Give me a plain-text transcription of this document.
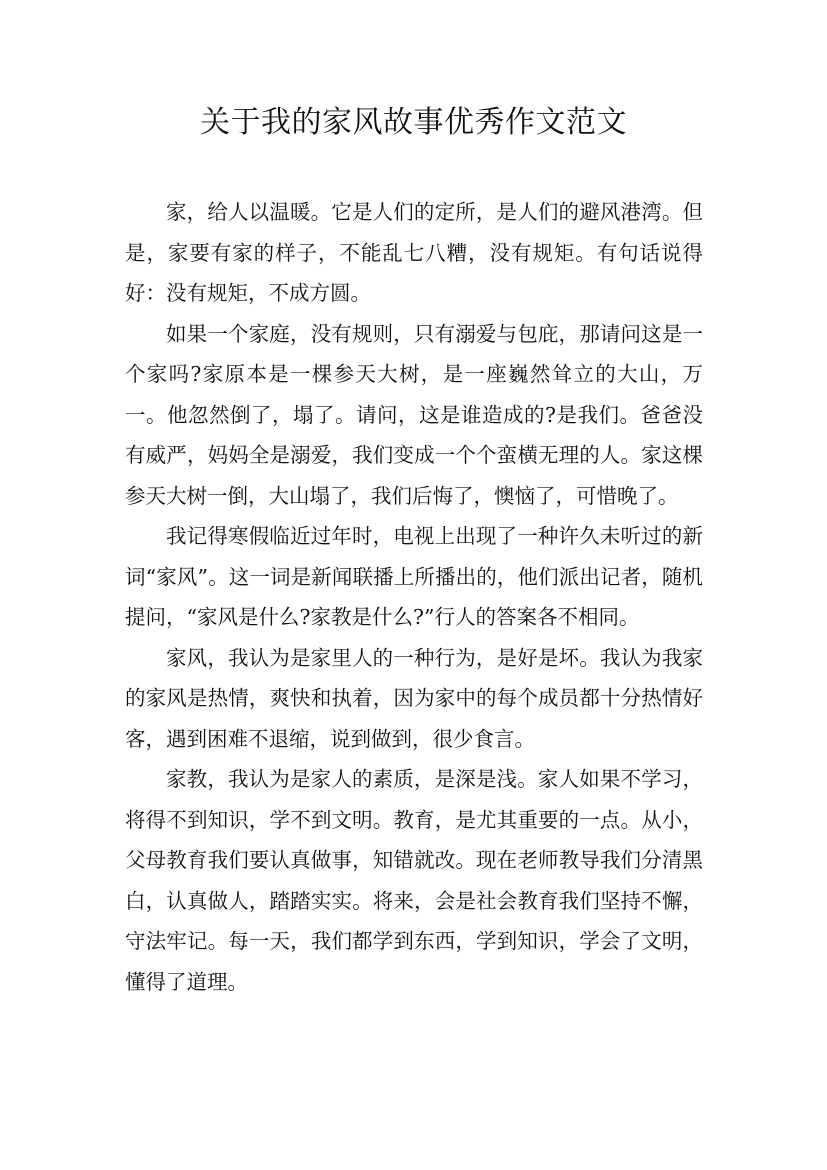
关于我的家风故事优秀作文范文

家，给人以温暖。它是人们的定所，是人们的避风港湾。但是，家要有家的样子，不能乱七八糟，没有规矩。有句话说得好：没有规矩，不成方圆。

如果一个家庭，没有规则，只有溺爱与包庇，那请问这是一个家吗?家原本是一棵参天大树，是一座巍然耸立的大山，万一。他忽然倒了，塌了。请问，这是谁造成的?是我们。爸爸没有威严，妈妈全是溺爱，我们变成一个个蛮横无理的人。家这棵参天大树一倒，大山塌了，我们后悔了，懊恼了，可惜晚了。

我记得寒假临近过年时，电视上出现了一种许久未听过的新词“家风”。这一词是新闻联播上所播出的，他们派出记者，随机提问，“家风是什么?家教是什么?”行人的答案各不相同。

家风，我认为是家里人的一种行为，是好是坏。我认为我家的家风是热情，爽快和执着，因为家中的每个成员都十分热情好客，遇到困难不退缩，说到做到，很少食言。

家教，我认为是家人的素质，是深是浅。家人如果不学习，将得不到知识，学不到文明。教育，是尤其重要的一点。从小，父母教育我们要认真做事，知错就改。现在老师教导我们分清黑白，认真做人，踏踏实实。将来，会是社会教育我们坚持不懈，守法牢记。每一天，我们都学到东西，学到知识，学会了文明，懂得了道理。
